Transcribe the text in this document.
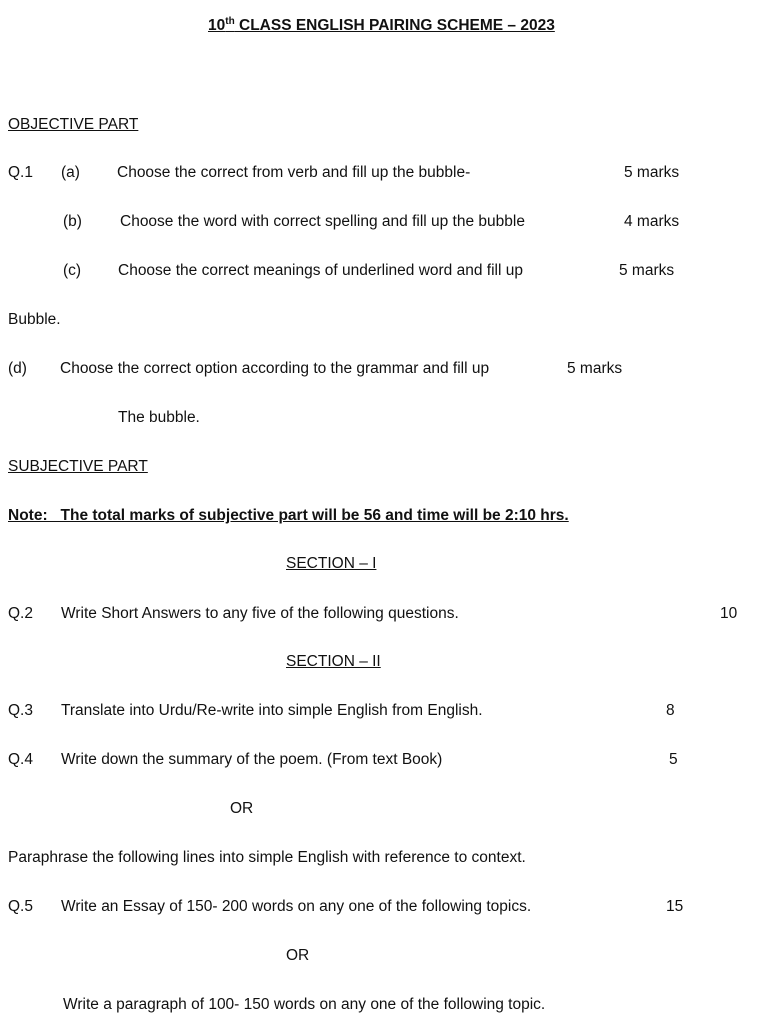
10th CLASS ENGLISH PAIRING SCHEME – 2023
OBJECTIVE PART
Q.1 (a) Choose the correct from verb and fill up the bubble-	5 marks
(b) Choose the word with correct spelling and fill up the bubble	4 marks
(c) Choose the correct meanings of underlined word and fill up	5 marks
Bubble.
(d) Choose the correct option according to the grammar and fill up	5 marks
The bubble.
SUBJECTIVE PART
Note:   The total marks of subjective part will be 56 and time will be 2:10 hrs.
SECTION – I
Q.2 Write Short Answers to any five of the following questions.	10
SECTION – II
Q.3 Translate into Urdu/Re-write into simple English from English.	8
Q.4 Write down the summary of the poem. (From text Book)	5
OR
Paraphrase the following lines into simple English with reference to context.
Q.5 Write an Essay of 150- 200 words on any one of the following topics.	15
OR
Write a paragraph of 100- 150 words on any one of the following topic.
